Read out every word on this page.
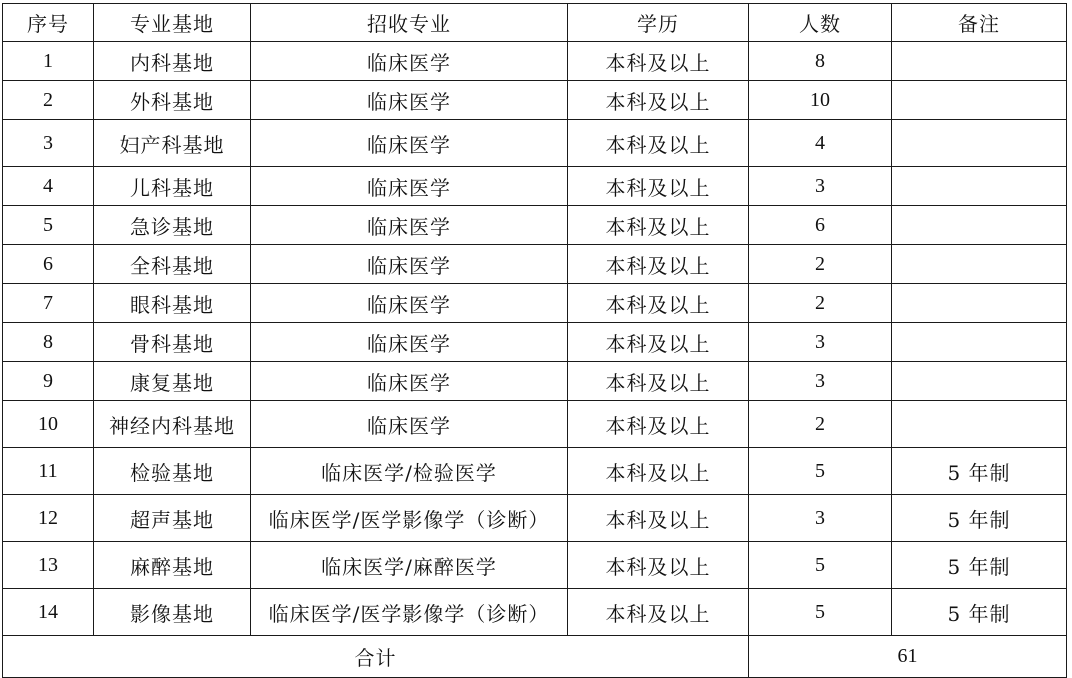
序号	专业基地	招收专业	学历	人数	备注
1	内科基地	临床医学	本科及以上	8	
2	外科基地	临床医学	本科及以上	10	
3	妇产科基地	临床医学	本科及以上	4	
4	儿科基地	临床医学	本科及以上	3	
5	急诊基地	临床医学	本科及以上	6	
6	全科基地	临床医学	本科及以上	2	
7	眼科基地	临床医学	本科及以上	2	
8	骨科基地	临床医学	本科及以上	3	
9	康复基地	临床医学	本科及以上	3	
10	神经内科基地	临床医学	本科及以上	2	
11	检验基地	临床医学/检验医学	本科及以上	5	5 年制
12	超声基地	临床医学/医学影像学（诊断）	本科及以上	3	5 年制
13	麻醉基地	临床医学/麻醉医学	本科及以上	5	5 年制
14	影像基地	临床医学/医学影像学（诊断）	本科及以上	5	5 年制
合计				61	
